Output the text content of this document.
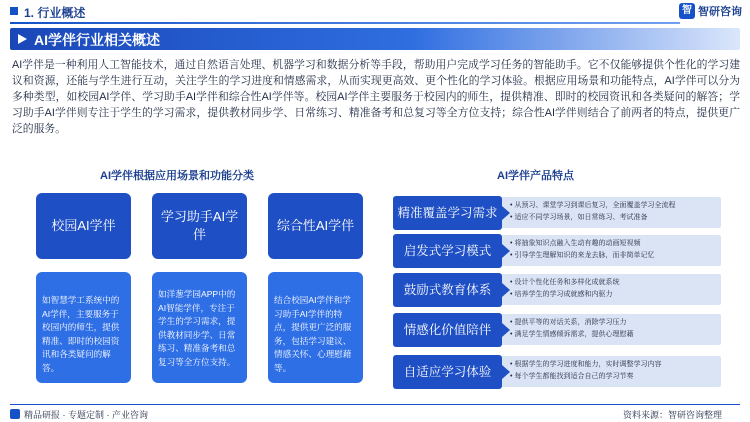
1. 行业概述	智 智研咨询
AI学伴行业相关概述
AI学伴是一种利用人工智能技术，通过自然语言处理、机器学习和数据分析等手段，帮助用户完成学习任务的智能助手。它不仅能够提供个性化的学习建议和资源，还能与学生进行互动，关注学生的学习进度和情感需求，从而实现更高效、更个性化的学习体验。根据应用场景和功能特点，AI学伴可以分为多种类型，如校园AI学伴、学习助手AI学伴和综合性AI学伴等。校园AI学伴主要服务于校园内的师生，提供精准、即时的校园资讯和各类疑问的解答；学习助手AI学伴则专注于学生的学习需求，提供教材同步学、日常练习、精准备考和总复习等全方位支持；综合性AI学伴则结合了前两者的特点，提供更广泛的服务。
AI学伴根据应用场景和功能分类	AI学伴产品特点
校园AI学伴
学习助手AI学伴
综合性AI学伴
如智慧学工系统中的AI学伴，主要服务于校园内的师生，提供精准、即时的校园资讯和各类疑问的解答。
如洋葱学园APP中的AI智能学伴，专注于学生的学习需求，提供教材同步学、日常练习、精准备考和总复习等全方位支持。
结合校园AI学伴和学习助手AI学伴的特点，提供更广泛的服务，包括学习建议、情感关怀、心理慰藉等。
精准覆盖学习需求
• 从预习、课堂学习到课后复习，全面覆盖学习全流程
• 适应不同学习场景，如日常练习、考试准备
启发式学习模式
• 将抽象知识点融入生动有趣的动画短视频
• 引导学生理解知识的来龙去脉，而非简单记忆
鼓励式教育体系
• 设计个性化任务和多样化成就系统
• 培养学生的学习成就感和内驱力
情感化价值陪伴
• 提供平等的对话关系，消除学习压力
• 满足学生情感倾诉需求，提供心理慰藉
自适应学习体验
• 根据学生的学习进度和能力，实时调整学习内容
• 每个学生都能找到适合自己的学习节奏
精品研报 · 专题定制 · 产业咨询	资料来源：智研咨询整理
